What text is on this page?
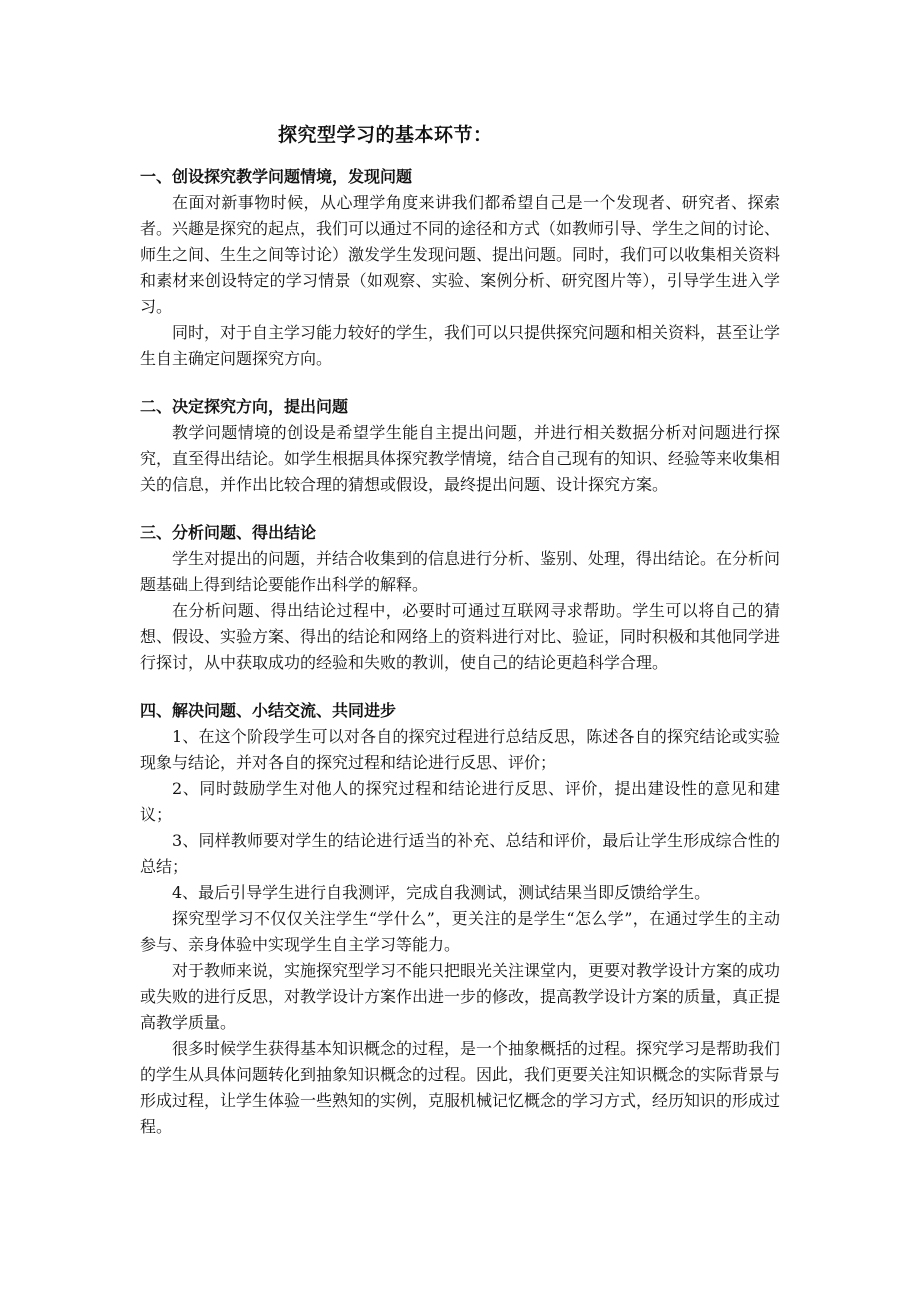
探究型学习的基本环节：
一、创设探究教学问题情境，发现问题

在面对新事物时候，从心理学角度来讲我们都希望自己是一个发现者、研究者、探索者。兴趣是探究的起点，我们可以通过不同的途径和方式（如教师引导、学生之间的讨论、师生之间、生生之间等讨论）激发学生发现问题、提出问题。同时，我们可以收集相关资料和素材来创设特定的学习情景（如观察、实验、案例分析、研究图片等），引导学生进入学习。

同时，对于自主学习能力较好的学生，我们可以只提供探究问题和相关资料，甚至让学生自主确定问题探究方向。

二、决定探究方向，提出问题

教学问题情境的创设是希望学生能自主提出问题，并进行相关数据分析对问题进行探究，直至得出结论。如学生根据具体探究教学情境，结合自己现有的知识、经验等来收集相关的信息，并作出比较合理的猜想或假设，最终提出问题、设计探究方案。

三、分析问题、得出结论

学生对提出的问题，并结合收集到的信息进行分析、鉴别、处理，得出结论。在分析问题基础上得到结论要能作出科学的解释。

在分析问题、得出结论过程中，必要时可通过互联网寻求帮助。学生可以将自己的猜想、假设、实验方案、得出的结论和网络上的资料进行对比、验证，同时积极和其他同学进行探讨，从中获取成功的经验和失败的教训，使自己的结论更趋科学合理。

四、解决问题、小结交流、共同进步

1、在这个阶段学生可以对各自的探究过程进行总结反思，陈述各自的探究结论或实验现象与结论，并对各自的探究过程和结论进行反思、评价；

2、同时鼓励学生对他人的探究过程和结论进行反思、评价，提出建设性的意见和建议；

3、同样教师要对学生的结论进行适当的补充、总结和评价，最后让学生形成综合性的总结；

4、最后引导学生进行自我测评，完成自我测试，测试结果当即反馈给学生。

探究型学习不仅仅关注学生“学什么”，更关注的是学生“怎么学”，在通过学生的主动参与、亲身体验中实现学生自主学习等能力。

对于教师来说，实施探究型学习不能只把眼光关注课堂内，更要对教学设计方案的成功或失败的进行反思，对教学设计方案作出进一步的修改，提高教学设计方案的质量，真正提高教学质量。

很多时候学生获得基本知识概念的过程，是一个抽象概括的过程。探究学习是帮助我们的学生从具体问题转化到抽象知识概念的过程。因此，我们更要关注知识概念的实际背景与形成过程，让学生体验一些熟知的实例，克服机械记忆概念的学习方式，经历知识的形成过程。
